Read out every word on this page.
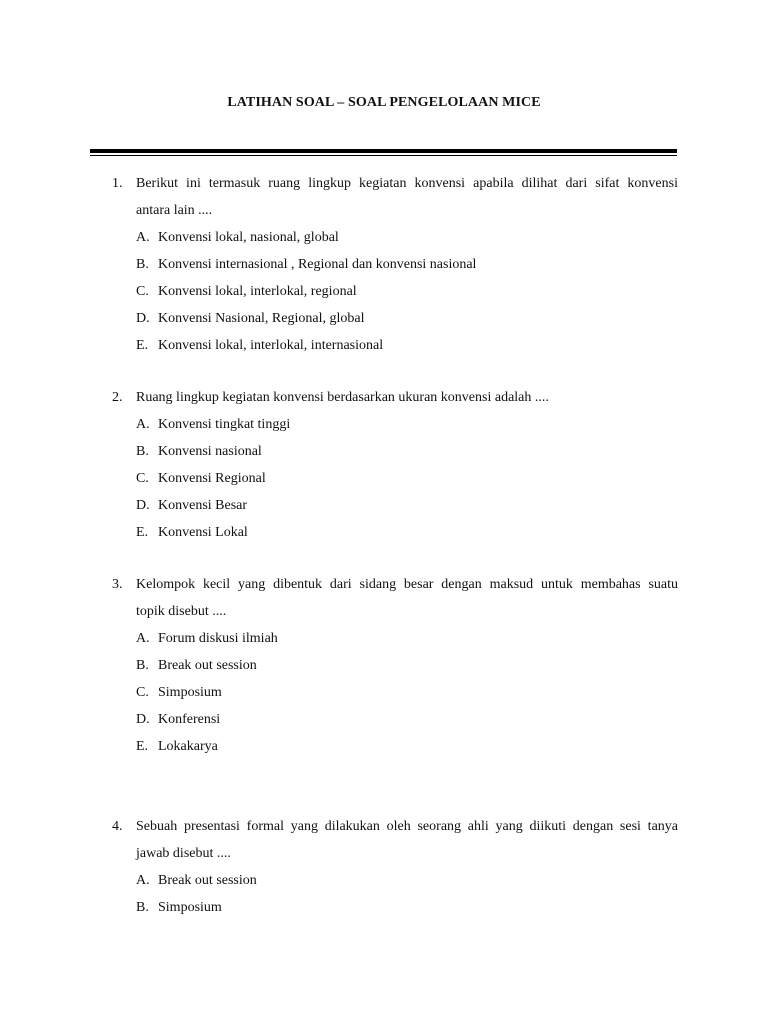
LATIHAN SOAL – SOAL PENGELOLAAN MICE
1. Berikut ini termasuk ruang lingkup kegiatan konvensi apabila dilihat dari sifat konvensi
antara lain ....
A. Konvensi lokal, nasional, global
B. Konvensi internasional , Regional dan konvensi nasional
C. Konvensi lokal, interlokal, regional
D. Konvensi Nasional, Regional, global
E. Konvensi lokal, interlokal, internasional
2. Ruang lingkup kegiatan konvensi berdasarkan ukuran konvensi adalah ....
A. Konvensi tingkat tinggi
B. Konvensi nasional
C. Konvensi Regional
D. Konvensi Besar
E. Konvensi Lokal
3. Kelompok kecil yang dibentuk dari sidang besar dengan maksud untuk membahas suatu
topik disebut ....
A. Forum diskusi ilmiah
B. Break out session
C. Simposium
D. Konferensi
E. Lokakarya
4. Sebuah presentasi formal yang dilakukan oleh seorang ahli yang diikuti dengan sesi tanya
jawab disebut ....
A. Break out session
B. Simposium
